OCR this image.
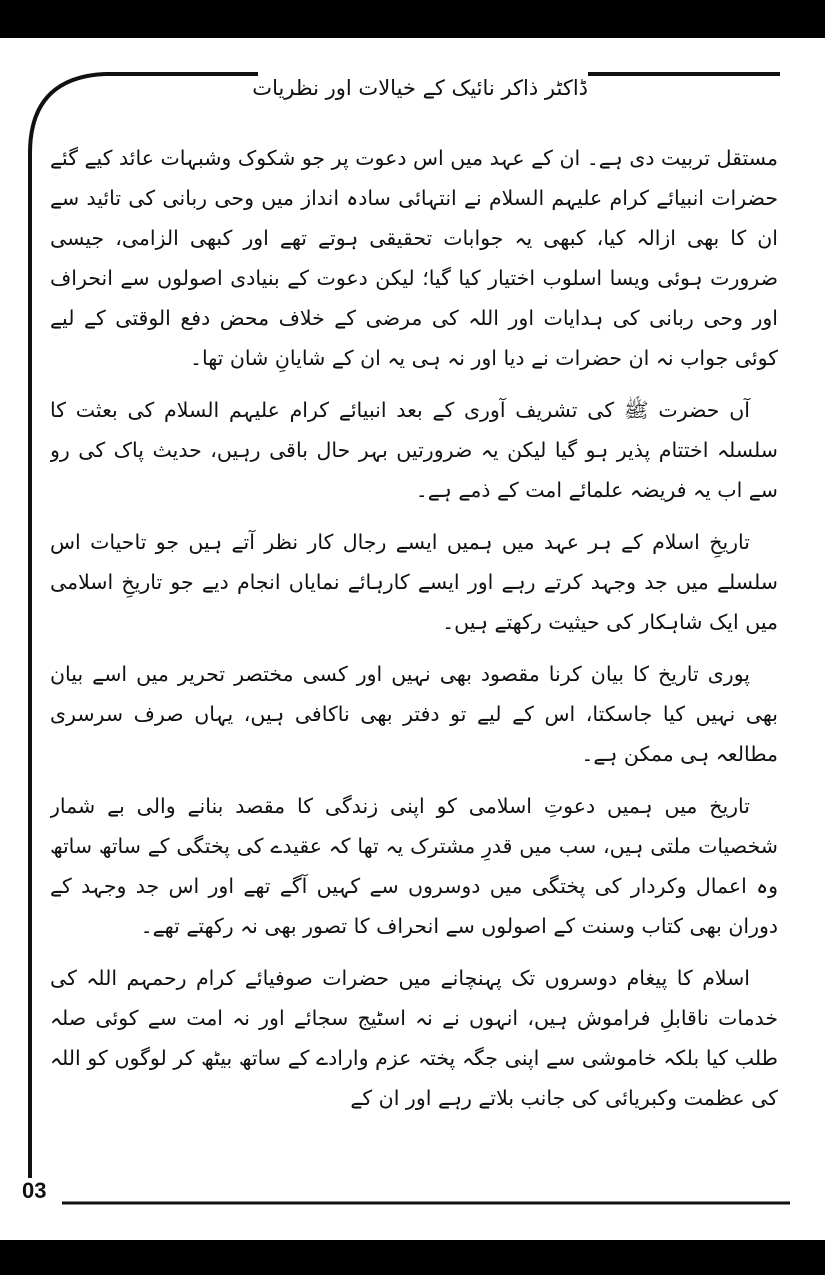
ڈاکٹر ذاکر نائیک کے خیالات اور نظریات

مستقل تربیت دی ہے۔ ان کے عہد میں اس دعوت پر جو شکوک وشبہات عائد کیے گئے حضرات انبیائے کرام علیہم السلام نے انتہائی سادہ انداز میں وحی ربانی کی تائید سے ان کا بھی ازالہ کیا، کبھی یہ جوابات تحقیقی ہوتے تھے اور کبھی الزامی، جیسی ضرورت ہوئی ویسا اسلوب اختیار کیا گیا؛ لیکن دعوت کے بنیادی اصولوں سے انحراف اور وحی ربانی کی ہدایات اور اللہ کی مرضی کے خلاف محض دفع الوقتی کے لیے کوئی جواب نہ ان حضرات نے دیا اور نہ ہی یہ ان کے شایانِ شان تھا۔

آں حضرت ﷺ کی تشریف آوری کے بعد انبیائے کرام علیہم السلام کی بعثت کا سلسلہ اختتام پذیر ہو گیا لیکن یہ ضرورتیں بہر حال باقی رہیں، حدیث پاک کی رو سے اب یہ فریضہ علمائے امت کے ذمے ہے۔

تاریخِ اسلام کے ہر عہد میں ہمیں ایسے رجال کار نظر آتے ہیں جو تاحیات اس سلسلے میں جد وجہد کرتے رہے اور ایسے کارہائے نمایاں انجام دیے جو تاریخِ اسلامی میں ایک شاہکار کی حیثیت رکھتے ہیں۔

پوری تاریخ کا بیان کرنا مقصود بھی نہیں اور کسی مختصر تحریر میں اسے بیان بھی نہیں کیا جاسکتا، اس کے لیے تو دفتر بھی ناکافی ہیں، یہاں صرف سرسری مطالعہ ہی ممکن ہے۔

تاریخ میں ہمیں دعوتِ اسلامی کو اپنی زندگی کا مقصد بنانے والی بے شمار شخصیات ملتی ہیں، سب میں قدرِ مشترک یہ تھا کہ عقیدے کی پختگی کے ساتھ ساتھ وہ اعمال وکردار کی پختگی میں دوسروں سے کہیں آگے تھے اور اس جد وجہد کے دوران بھی کتاب وسنت کے اصولوں سے انحراف کا تصور بھی نہ رکھتے تھے۔

اسلام کا پیغام دوسروں تک پہنچانے میں حضرات صوفیائے کرام رحمہم اللہ کی خدمات ناقابلِ فراموش ہیں، انہوں نے نہ اسٹیج سجائے اور نہ امت سے کوئی صلہ طلب کیا بلکہ خاموشی سے اپنی جگہ پختہ عزم وارادے کے ساتھ بیٹھ کر لوگوں کو اللہ کی عظمت وکبریائی کی جانب بلاتے رہے اور ان کے

03
